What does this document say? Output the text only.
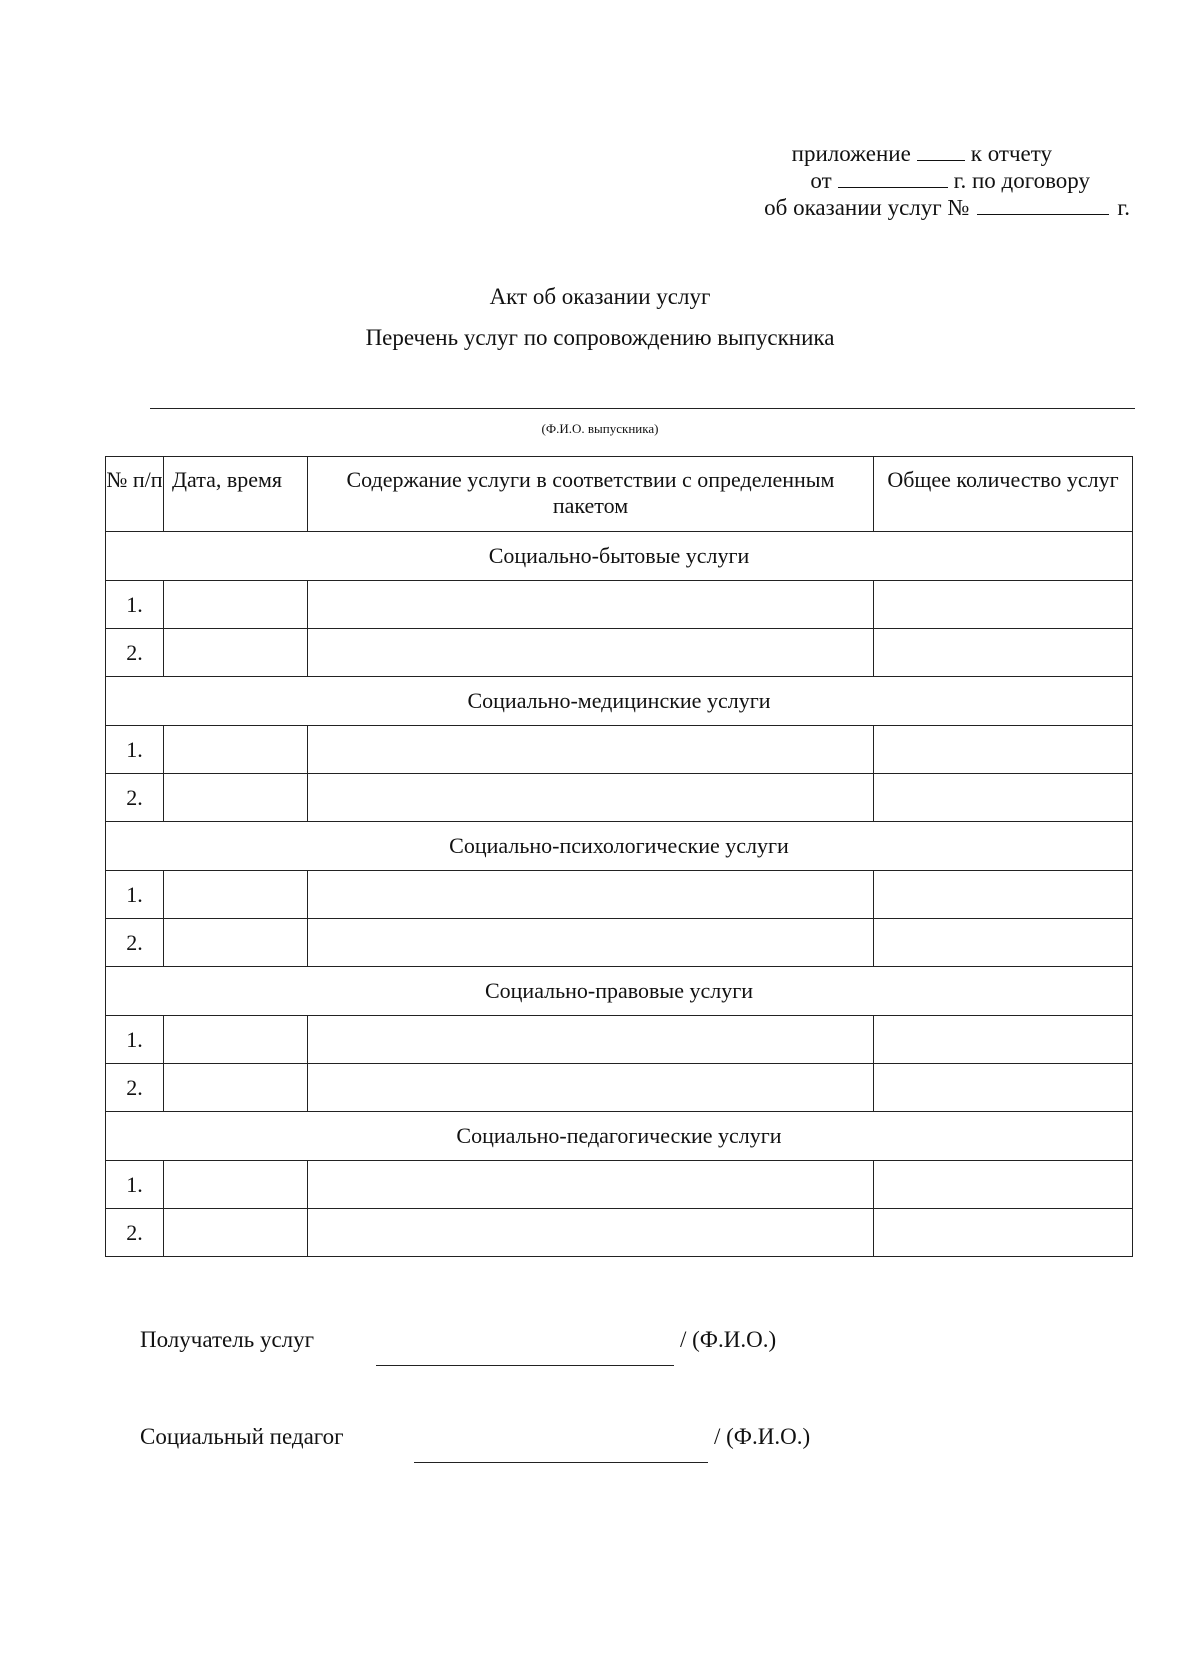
приложение	к отчету
от	г. по договору
об оказании услуг №	г.
Акт об оказании услуг
Перечень услуг по сопровождению выпускника
(Ф.И.О. выпускника)
№ п/п	Дата, время	Содержание услуги в соответствии с определенным пакетом	Общее количество услуг
Социально-бытовые услуги			
1.			
2.			
Социально-медицинские услуги			
1.			
2.			
Социально-психологические услуги			
1.			
2.			
Социально-правовые услуги			
1.			
2.			
Социально-педагогические услуги			
1.			
2.			
Получатель услуг	/ (Ф.И.О.)
Социальный педагог	/ (Ф.И.О.)
